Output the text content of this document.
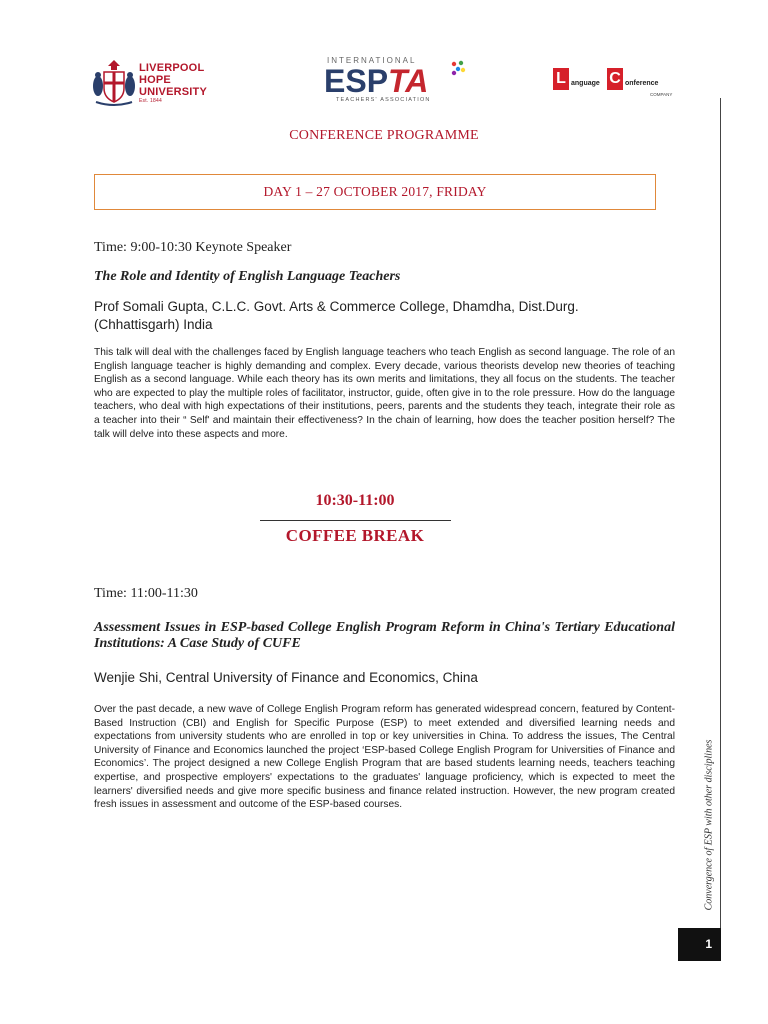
LIVERPOOL
HOPE
UNIVERSITY
Est. 1844
INTERNATIONAL
ESPTA
TEACHERS' ASSOCIATION
L anguage C onference
COMPANY
Convergence of ESP with other disciplines
1
CONFERENCE PROGRAMME
DAY 1 – 27 OCTOBER 2017, FRIDAY
Time: 9:00-10:30 Keynote Speaker
The Role and Identity of English Language Teachers
Prof Somali Gupta, C.L.C. Govt. Arts & Commerce College, Dhamdha, Dist.Durg. (Chhattisgarh) India
This talk will deal with the challenges faced by English language teachers who teach English as second language. The role of an English language teacher is highly demanding and complex. Every decade, various theorists develop new theories of teaching English as a second language. While each theory has its own merits and limitations, they all focus on the students. The teacher who are expected to play the multiple roles of facilitator, instructor, guide, often give in to the role pressure. How do the language teachers, who deal with high expectations of their institutions, peers, parents and the students they teach, integrate their role as a teacher into their “ Self' and maintain their effectiveness? In the chain of learning, how does the teacher position herself? The talk will delve into these aspects and more.
10:30-11:00
COFFEE BREAK
Time: 11:00-11:30
Assessment Issues in ESP-based College English Program Reform in China's Tertiary Educational Institutions: A Case Study of CUFE
Wenjie Shi, Central University of Finance and Economics, China
Over the past decade, a new wave of College English Program reform has generated widespread concern, featured by Content-Based Instruction (CBI) and English for Specific Purpose (ESP) to meet extended and diversified learning needs and expectations from university students who are enrolled in top or key universities in China. To address the issues, The Central University of Finance and Economics launched the project ‘ESP-based College English Program for Universities of Finance and Economics’. The project designed a new College English Program that are based students learning needs, teachers teaching expertise, and prospective employers' expectations to the graduates' language proficiency, which is expected to meet the learners' diversified needs and give more specific business and finance related instruction. However, the new program created fresh issues in assessment and outcome of the ESP-based courses.
